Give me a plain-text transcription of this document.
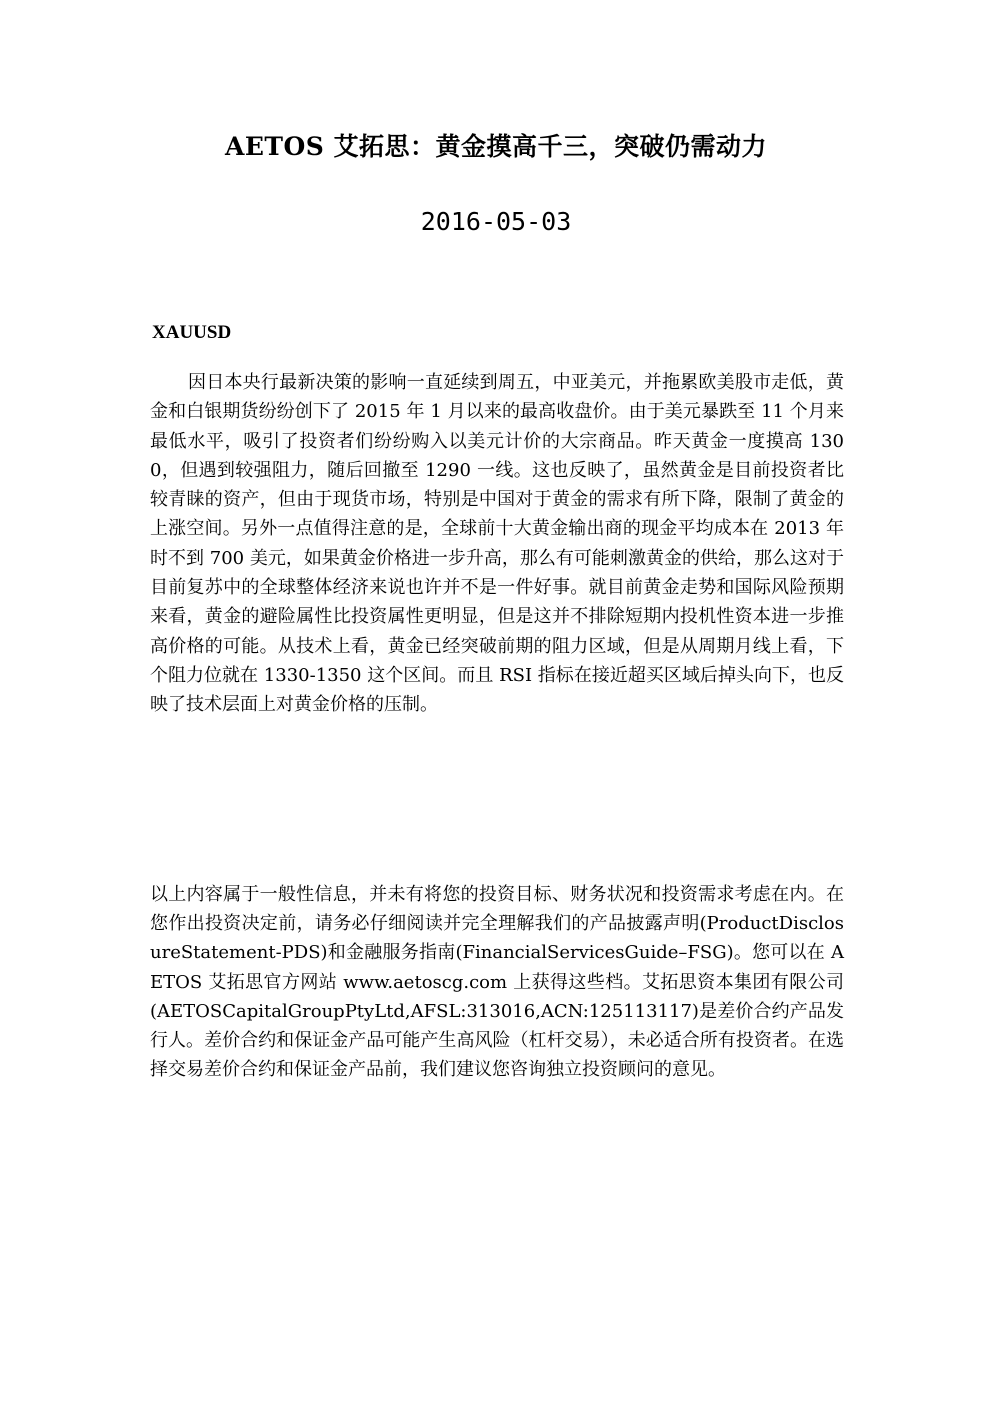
AETOS 艾拓思：黄金摸高千三，突破仍需动力
2016-05-03
XAUUSD
因日本央行最新决策的影响一直延续到周五，中亚美元，并拖累欧美股市走低，黄金和白银期货纷纷创下了 2015 年 1 月以来的最高收盘价。由于美元暴跌至 11 个月来最低水平，吸引了投资者们纷纷购入以美元计价的大宗商品。昨天黄金一度摸高 1300，但遇到较强阻力，随后回撤至 1290 一线。这也反映了，虽然黄金是目前投资者比较青睐的资产，但由于现货市场，特别是中国对于黄金的需求有所下降，限制了黄金的上涨空间。另外一点值得注意的是，全球前十大黄金输出商的现金平均成本在 2013 年时不到 700 美元，如果黄金价格进一步升高，那么有可能刺激黄金的供给，那么这对于目前复苏中的全球整体经济来说也许并不是一件好事。就目前黄金走势和国际风险预期来看，黄金的避险属性比投资属性更明显，但是这并不排除短期内投机性资本进一步推高价格的可能。从技术上看，黄金已经突破前期的阻力区域，但是从周期月线上看，下个阻力位就在 1330-1350 这个区间。而且 RSI 指标在接近超买区域后掉头向下，也反映了技术层面上对黄金价格的压制。
以上内容属于一般性信息，并未有将您的投资目标、财务状况和投资需求考虑在内。在您作出投资决定前，请务必仔细阅读并完全理解我们的产品披露声明(ProductDisclosureStatement-PDS)和金融服务指南(FinancialServicesGuide–FSG)。您可以在 AETOS 艾拓思官方网站 www.aetoscg.com 上获得这些档。艾拓思资本集团有限公司(AETOSCapitalGroupPtyLtd,AFSL:313016,ACN:125113117)是差价合约产品发行人。差价合约和保证金产品可能产生高风险（杠杆交易），未必适合所有投资者。在选择交易差价合约和保证金产品前，我们建议您咨询独立投资顾问的意见。
